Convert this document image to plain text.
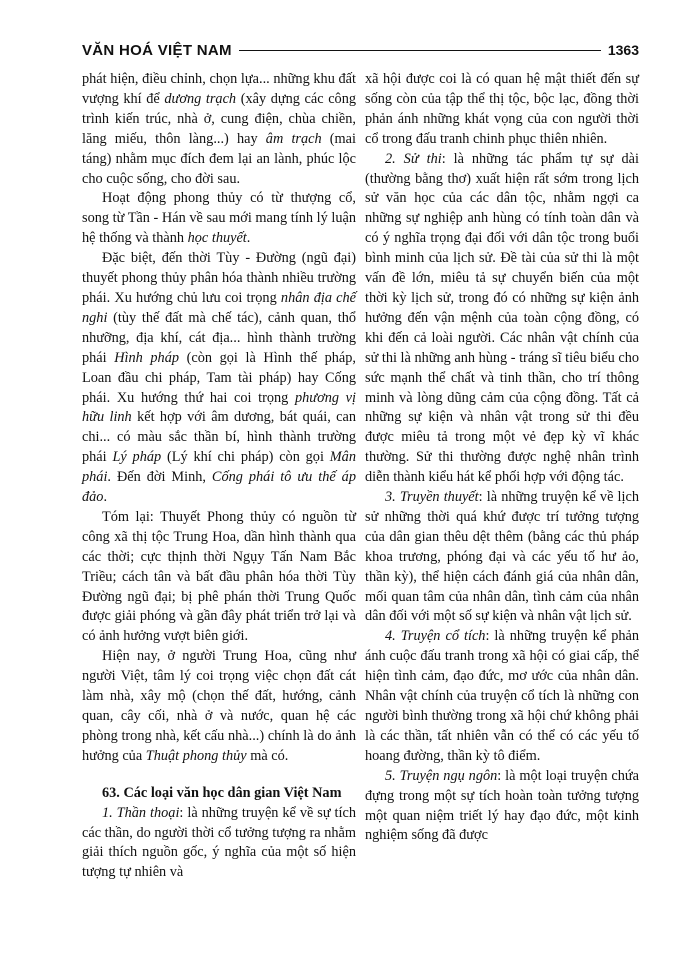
VĂN HOÁ VIỆT NAM	1363

phát hiện, điều chỉnh, chọn lựa... những khu đất vượng khí để dương trạch (xây dựng các công trình kiến trúc, nhà ở, cung điện, chùa chiền, lăng miếu, thôn làng...) hay âm trạch (mai táng) nhằm mục đích đem lại an lành, phúc lộc cho cuộc sống, cho đời sau.

Hoạt động phong thủy có từ thượng cổ, song từ Tần - Hán về sau mới mang tính lý luận hệ thống và thành học thuyết.

Đặc biệt, đến thời Tùy - Đường (ngũ đại) thuyết phong thủy phân hóa thành nhiều trường phái. Xu hướng chủ lưu coi trọng nhân địa chế nghi (tùy thế đất mà chế tác), cảnh quan, thổ nhưỡng, địa khí, cát địa... hình thành trường phái Hình pháp (còn gọi là Hình thế pháp, Loan đầu chi pháp, Tam tài pháp) hay Cống phái. Xu hướng thứ hai coi trọng phương vị hữu linh kết hợp với âm dương, bát quái, can chi... có màu sắc thần bí, hình thành trường phái Lý pháp (Lý khí chi pháp) còn gọi Mân phái. Đến đời Minh, Cống phái tô ưu thế áp đảo.

Tóm lại: Thuyết Phong thủy có nguồn từ công xã thị tộc Trung Hoa, dần hình thành qua các thời; cực thịnh thời Ngụy Tấn Nam Bắc Triều; cách tân và bất đầu phân hóa thời Tùy Đường ngũ đại; bị phê phán thời Trung Quốc được giải phóng và gần đây phát triển trở lại và có ảnh hưởng vượt biên giới.

Hiện nay, ở người Trung Hoa, cũng như người Việt, tâm lý coi trọng việc chọn đất cát làm nhà, xây mộ (chọn thế đất, hướng, cảnh quan, cây cối, nhà ở và nước, quan hệ các phòng trong nhà, kết cấu nhà...) chính là do ảnh hưởng của Thuật phong thủy mà có.

63. Các loại văn học dân gian Việt Nam

1. Thần thoại: là những truyện kể về sự tích các thần, do người thời cổ tưởng tượng ra nhằm giải thích nguồn gốc, ý nghĩa của một số hiện tượng tự nhiên và

xã hội được coi là có quan hệ mật thiết đến sự sống còn của tập thể thị tộc, bộc lạc, đồng thời phản ánh những khát vọng của con người thời cổ trong đấu tranh chinh phục thiên nhiên.

2. Sử thi: là những tác phẩm tự sự dài (thường bằng thơ) xuất hiện rất sớm trong lịch sử văn học của các dân tộc, nhằm ngợi ca những sự nghiệp anh hùng có tính toàn dân và có ý nghĩa trọng đại đối với dân tộc trong buổi bình minh của lịch sử. Đề tài của sử thi là một vấn đề lớn, miêu tả sự chuyển biến của một thời kỳ lịch sử, trong đó có những sự kiện ảnh hưởng đến vận mệnh của toàn cộng đồng, có khi đến cả loài người. Các nhân vật chính của sử thi là những anh hùng - tráng sĩ tiêu biểu cho sức mạnh thể chất và tinh thần, cho trí thông minh và lòng dũng cảm của cộng đồng. Tất cả những sự kiện và nhân vật trong sử thi đều được miêu tả trong một vẻ đẹp kỳ vĩ khác thường. Sử thi thường được nghệ nhân trình diễn thành kiểu hát kể phối hợp với động tác.

3. Truyền thuyết: là những truyện kể về lịch sử những thời quá khứ được trí tưởng tượng của dân gian thêu dệt thêm (bằng các thủ pháp khoa trương, phóng đại và các yếu tố hư ảo, thần kỳ), thể hiện cách đánh giá của nhân dân, mối quan tâm của nhân dân, tình cảm của nhân dân đối với một số sự kiện và nhân vật lịch sử.

4. Truyện cổ tích: là những truyện kể phản ánh cuộc đấu tranh trong xã hội có giai cấp, thể hiện tình cảm, đạo đức, mơ ước của nhân dân. Nhân vật chính của truyện cổ tích là những con người bình thường trong xã hội chứ không phải là các thần, tất nhiên vẫn có thể có các yếu tố hoang đường, thần kỳ tô điểm.

5. Truyện ngụ ngôn: là một loại truyện chứa đựng trong một sự tích hoàn toàn tưởng tượng một quan niệm triết lý hay đạo đức, một kinh nghiệm sống đã được
